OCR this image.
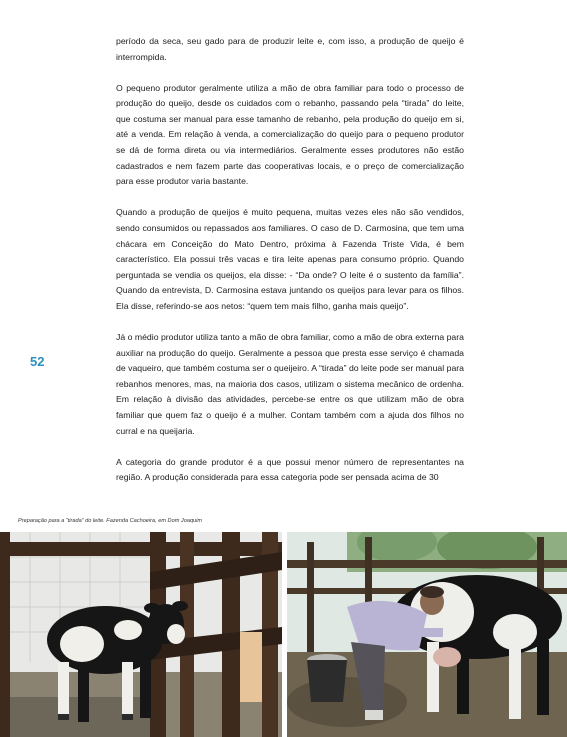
período da seca, seu gado para de produzir leite e, com isso, a produção de queijo é interrompida.

O pequeno produtor geralmente utiliza a mão de obra familiar para todo o processo de produção do queijo, desde os cuidados com o rebanho, passando pela “tirada” do leite, que costuma ser manual para esse tamanho de rebanho, pela produção do queijo em si, até a venda. Em relação à venda, a comercialização do queijo para o pequeno produtor se dá de forma direta ou via intermediários. Geralmente esses produtores não estão cadastrados e nem fazem parte das cooperativas locais, e o preço de comercialização para esse produtor varia bastante.

Quando a produção de queijos é muito pequena, muitas vezes eles não são vendidos, sendo consumidos ou repassados aos familiares. O caso de D. Carmosina, que tem uma chácara em Conceição do Mato Dentro, próxima à Fazenda Triste Vida, é bem característico. Ela possui três vacas e tira leite apenas para consumo próprio. Quando perguntada se vendia os queijos, ela disse: - “Da onde? O leite é o sustento da família”. Quando da entrevista, D. Carmosina estava juntando os queijos para levar para os filhos. Ela disse, referindo-se aos netos: “quem tem mais filho, ganha mais queijo”.

Já o médio produtor utiliza tanto a mão de obra familiar, como a mão de obra externa para auxiliar na produção do queijo. Geralmente a pessoa que presta esse serviço é chamada de vaqueiro, que também costuma ser o queijeiro. A “tirada” do leite pode ser manual para rebanhos menores, mas, na maioria dos casos, utilizam o sistema mecânico de ordenha. Em relação à divisão das atividades, percebe-se entre os que utilizam mão de obra familiar que quem faz o queijo é a mulher. Contam também com a ajuda dos filhos no curral e na queijaria.

A categoria do grande produtor é a que possui menor número de representantes na região. A produção considerada para essa categoria pode ser pensada acima de 30

52
Preparação para a “tirada” do leite. Fazenda Cachoeira, em Dom Joaquim
